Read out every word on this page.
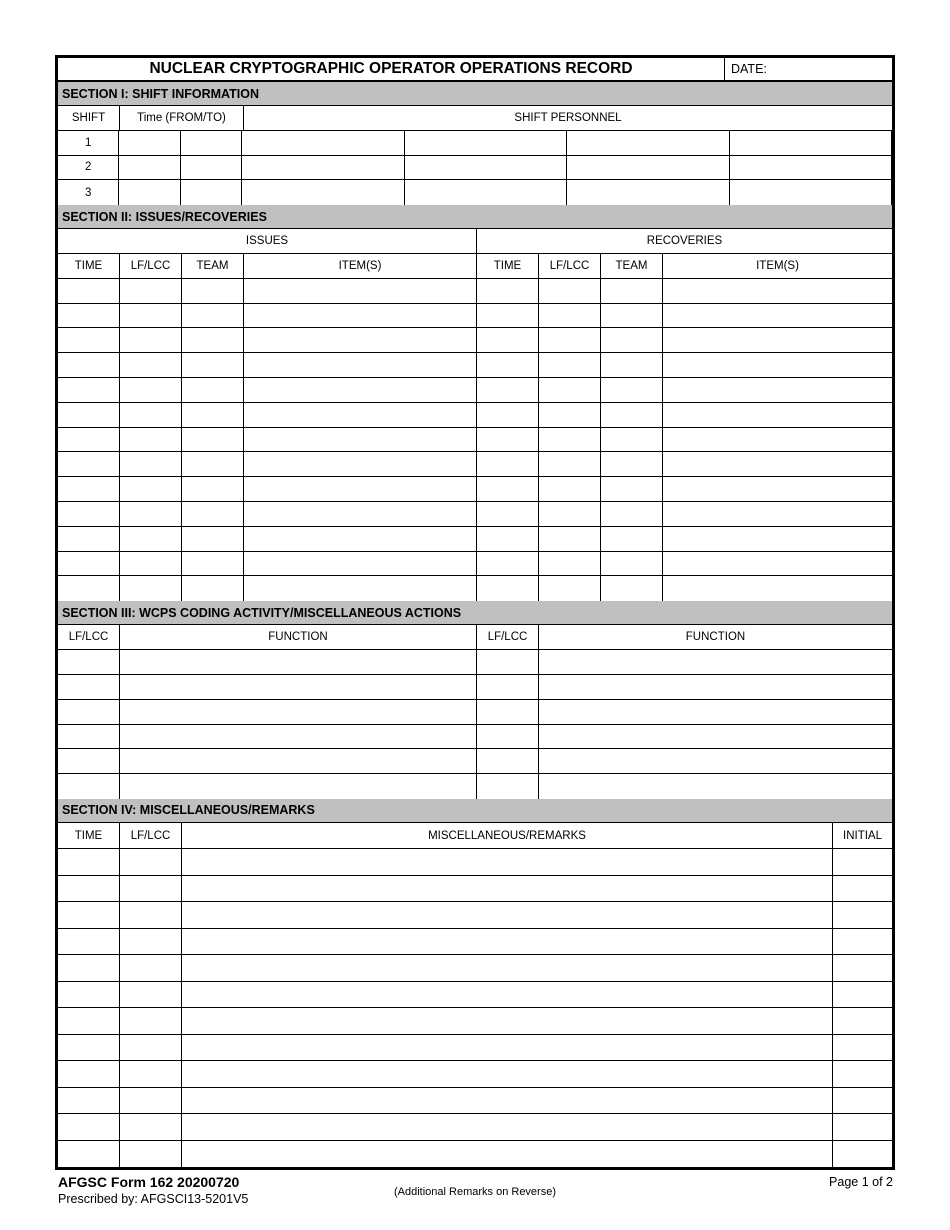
NUCLEAR CRYPTOGRAPHIC OPERATOR OPERATIONS RECORD	DATE:
SECTION I: SHIFT INFORMATION
SHIFT	Time (FROM/TO)	SHIFT PERSONNEL
1
2
3
SECTION II: ISSUES/RECOVERIES
ISSUES	RECOVERIES
TIME	LF/LCC	TEAM	ITEM(S)	TIME	LF/LCC	TEAM	ITEM(S)
SECTION III: WCPS CODING ACTIVITY/MISCELLANEOUS ACTIONS
LF/LCC	FUNCTION	LF/LCC	FUNCTION
SECTION IV: MISCELLANEOUS/REMARKS
TIME	LF/LCC	MISCELLANEOUS/REMARKS	INITIAL
AFGSC Form 162 20200720
Prescribed by: AFGSCI13-5201V5	(Additional Remarks on Reverse)
Page 1 of 2
